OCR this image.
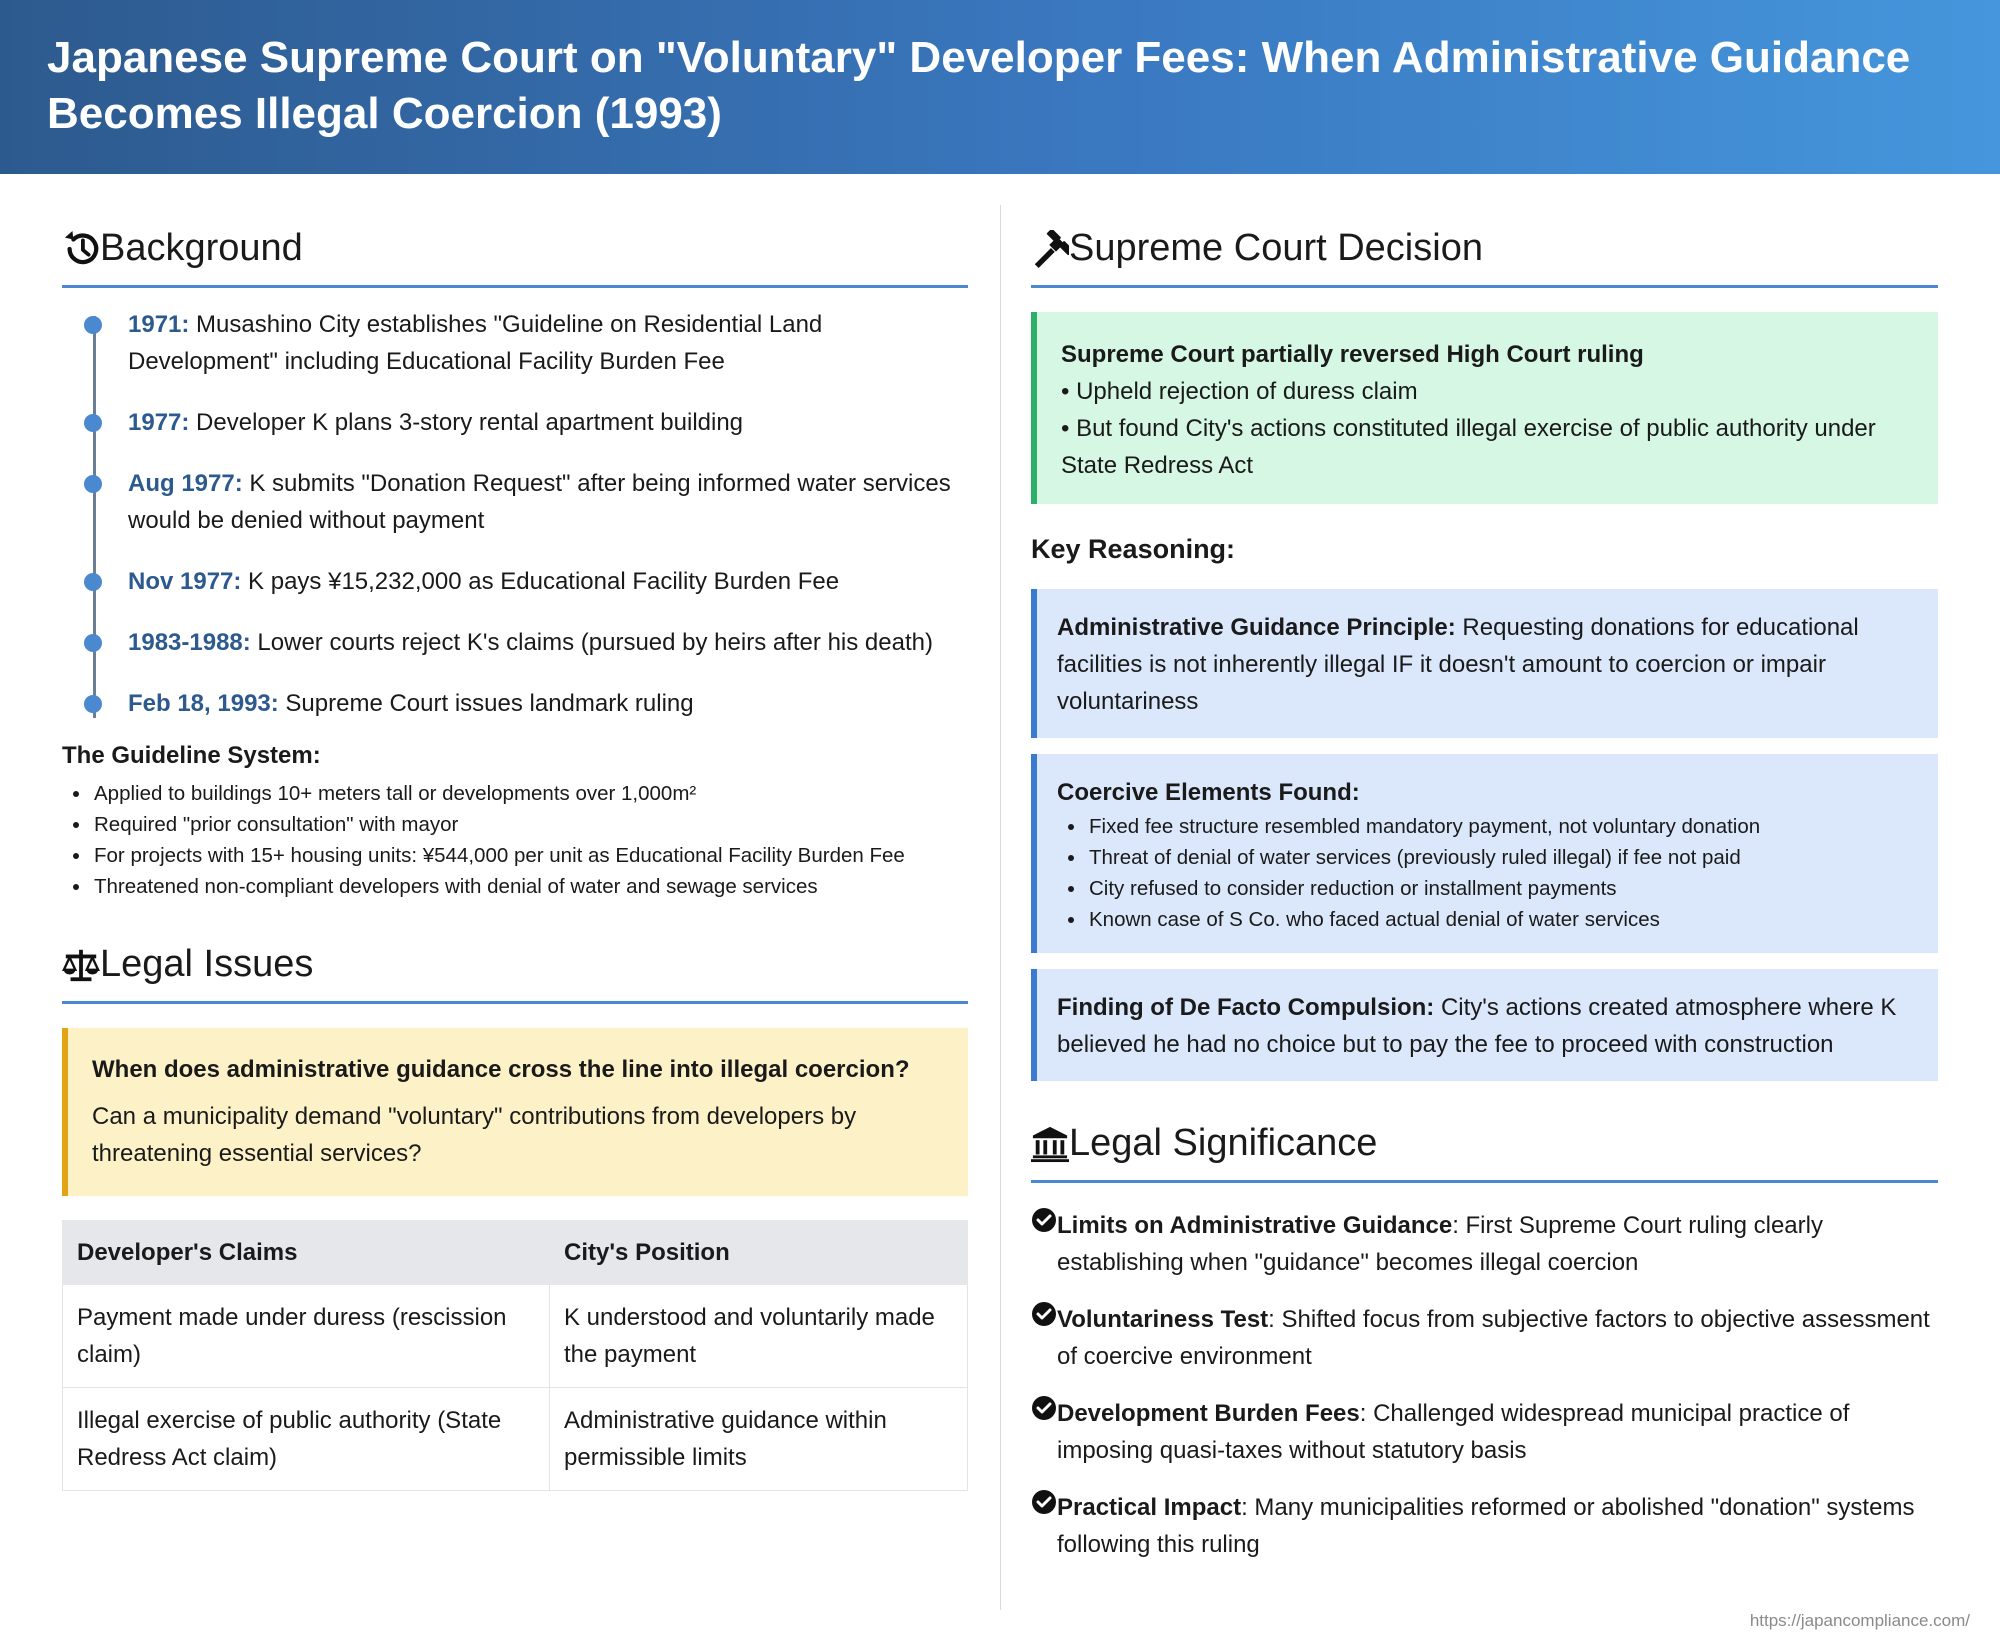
Japanese Supreme Court on "Voluntary" Developer Fees: When Administrative Guidance Becomes Illegal Coercion (1993)
Background
1971: Musashino City establishes "Guideline on Residential Land Development" including Educational Facility Burden Fee
1977: Developer K plans 3-story rental apartment building
Aug 1977: K submits "Donation Request" after being informed water services would be denied without payment
Nov 1977: K pays ¥15,232,000 as Educational Facility Burden Fee
1983-1988: Lower courts reject K's claims (pursued by heirs after his death)
Feb 18, 1993: Supreme Court issues landmark ruling
The Guideline System:
Applied to buildings 10+ meters tall or developments over 1,000m²
Required "prior consultation" with mayor
For projects with 15+ housing units: ¥544,000 per unit as Educational Facility Burden Fee
Threatened non-compliant developers with denial of water and sewage services
Legal Issues
When does administrative guidance cross the line into illegal coercion?
Can a municipality demand "voluntary" contributions from developers by threatening essential services?
Developer's Claims	City's Position
Payment made under duress (rescission claim)	K understood and voluntarily made the payment
Illegal exercise of public authority (State Redress Act claim)	Administrative guidance within permissible limits
Supreme Court Decision
Supreme Court partially reversed High Court ruling
• Upheld rejection of duress claim
• But found City's actions constituted illegal exercise of public authority under State Redress Act
Key Reasoning:
Administrative Guidance Principle: Requesting donations for educational facilities is not inherently illegal IF it doesn't amount to coercion or impair voluntariness
Coercive Elements Found:
Fixed fee structure resembled mandatory payment, not voluntary donation
Threat of denial of water services (previously ruled illegal) if fee not paid
City refused to consider reduction or installment payments
Known case of S Co. who faced actual denial of water services
Finding of De Facto Compulsion: City's actions created atmosphere where K believed he had no choice but to pay the fee to proceed with construction
Legal Significance
Limits on Administrative Guidance: First Supreme Court ruling clearly establishing when "guidance" becomes illegal coercion
Voluntariness Test: Shifted focus from subjective factors to objective assessment of coercive environment
Development Burden Fees: Challenged widespread municipal practice of imposing quasi-taxes without statutory basis
Practical Impact: Many municipalities reformed or abolished "donation" systems following this ruling
https://japancompliance.com/
